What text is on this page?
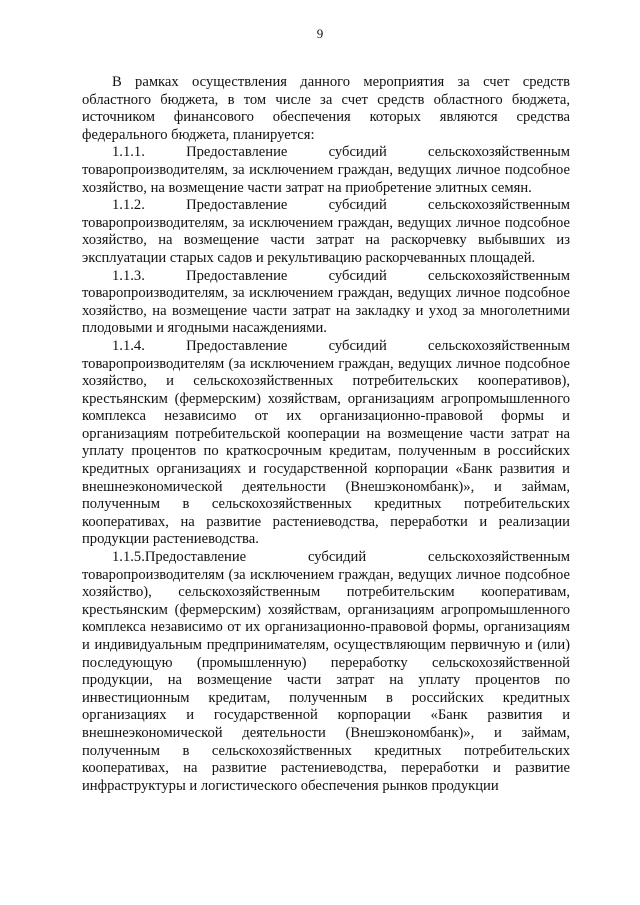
9

В рамках осуществления данного мероприятия за счет средств областного бюджета, в том числе за счет средств областного бюджета, источником финансового обеспечения которых являются средства федерального бюджета, планируется:

1.1.1. Предоставление субсидий сельскохозяйственным товаропроизводителям, за исключением граждан, ведущих личное подсобное хозяйство, на возмещение части затрат на приобретение элитных семян.

1.1.2. Предоставление субсидий сельскохозяйственным товаропроизводителям, за исключением граждан, ведущих личное подсобное хозяйство, на возмещение части затрат на раскорчевку выбывших из эксплуатации старых садов и рекультивацию раскорчеванных площадей.

1.1.3. Предоставление субсидий сельскохозяйственным товаропроизводителям, за исключением граждан, ведущих личное подсобное хозяйство, на возмещение части затрат на закладку и уход за многолетними плодовыми и ягодными насаждениями.

1.1.4. Предоставление субсидий сельскохозяйственным товаропроизводителям (за исключением граждан, ведущих личное подсобное хозяйство, и сельскохозяйственных потребительских кооперативов), крестьянским (фермерским) хозяйствам, организациям агропромышленного комплекса независимо от их организационно-правовой формы и организациям потребительской кооперации на возмещение части затрат на уплату процентов по краткосрочным кредитам, полученным в российских кредитных организациях и государственной корпорации «Банк развития и внешнеэкономической деятельности (Внешэкономбанк)», и займам, полученным в сельскохозяйственных кредитных потребительских кооперативах, на развитие растениеводства, переработки и реализации продукции растениеводства.

1.1.5.Предоставление субсидий сельскохозяйственным товаропроизводителям (за исключением граждан, ведущих личное подсобное хозяйство), сельскохозяйственным потребительским кооперативам, крестьянским (фермерским) хозяйствам, организациям агропромышленного комплекса независимо от их организационно-правовой формы, организациям и индивидуальным предпринимателям, осуществляющим первичную и (или) последующую (промышленную) переработку сельскохозяйственной продукции, на возмещение части затрат на уплату процентов по инвестиционным кредитам, полученным в российских кредитных организациях и государственной корпорации «Банк развития и внешнеэкономической деятельности (Внешэкономбанк)», и займам, полученным в сельскохозяйственных кредитных потребительских кооперативах, на развитие растениеводства, переработки и развитие инфраструктуры и логистического обеспечения рынков продукции
